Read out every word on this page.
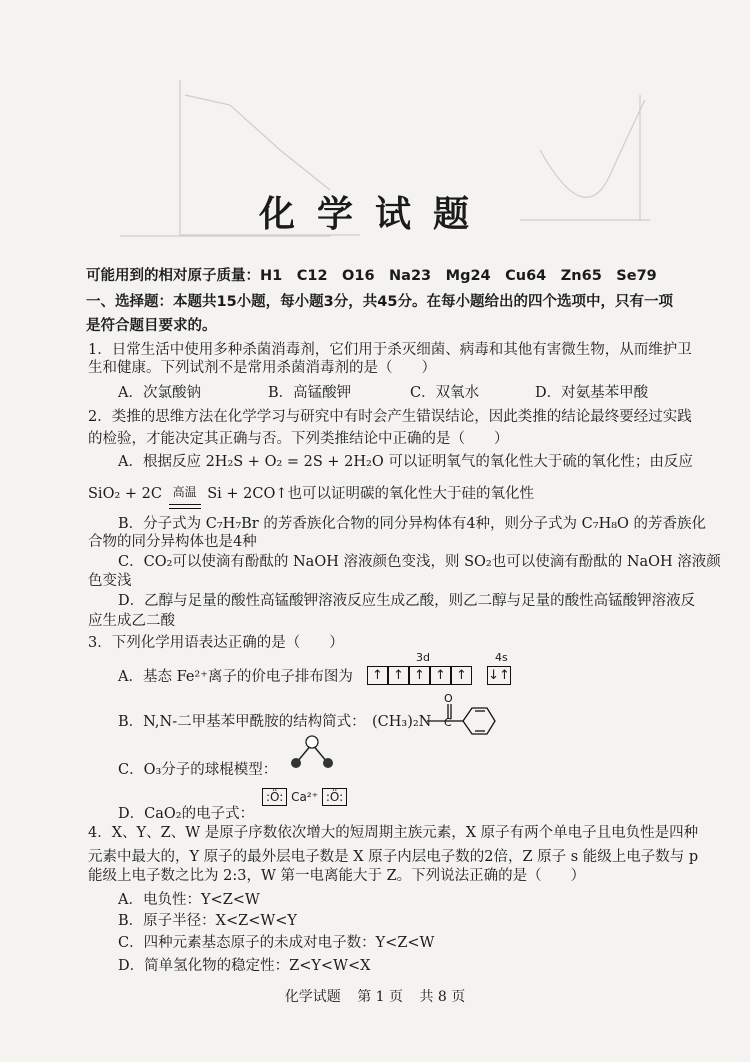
化学试题
可能用到的相对原子质量：H1　C12　O16　Na23　Mg24　Cu64　Zn65　Se79
一、选择题：本题共15小题，每小题3分，共45分。在每小题给出的四个选项中，只有一项
是符合题目要求的。
1．日常生活中使用多种杀菌消毒剂，它们用于杀灭细菌、病毒和其他有害微生物，从而维护卫
生和健康。下列试剂不是常用杀菌消毒剂的是（　　）
A．次氯酸钠	B．高锰酸钾	C．双氧水	D．对氨基苯甲酸
2．类推的思维方法在化学学习与研究中有时会产生错误结论，因此类推的结论最终要经过实践
的检验，才能决定其正确与否。下列类推结论中正确的是（　　）
A．根据反应 2H₂S + O₂ = 2S + 2H₂O 可以证明氧气的氧化性大于硫的氧化性；由反应
SiO₂ + 2C 高温 Si + 2CO↑也可以证明碳的氧化性大于硅的氧化性
B．分子式为 C₇H₇Br 的芳香族化合物的同分异构体有4种，则分子式为 C₇H₈O 的芳香族化
合物的同分异构体也是4种
C．CO₂可以使滴有酚酞的 NaOH 溶液颜色变浅，则 SO₂也可以使滴有酚酞的 NaOH 溶液颜
色变浅
D．乙醇与足量的酸性高锰酸钾溶液反应生成乙酸，则乙二醇与足量的酸性高锰酸钾溶液反
应生成乙二酸
3．下列化学用语表达正确的是（　　）
A．基态 Fe²⁺离子的价电子排布图为
3d	4s
↑ ↑ ↑ ↑ ↑	↓↑
B．N,N-二甲基苯甲酰胺的结构简式： (CH₃)₂N
O
C
C．O₃分子的球棍模型：
D．CaO₂的电子式：
:Ö: Ca²⁺ :Ö:
4．X、Y、Z、W 是原子序数依次增大的短周期主族元素，X 原子有两个单电子且电负性是四种
元素中最大的，Y 原子的最外层电子数是 X 原子内层电子数的2倍，Z 原子 s 能级上电子数与 p
能级上电子数之比为 2:3，W 第一电离能大于 Z。下列说法正确的是（　　）
A．电负性：Y<Z<W
B．原子半径：X<Z<W<Y
C．四种元素基态原子的未成对电子数：Y<Z<W
D．简单氢化物的稳定性：Z<Y<W<X
化学试题 第 1 页 共 8 页
